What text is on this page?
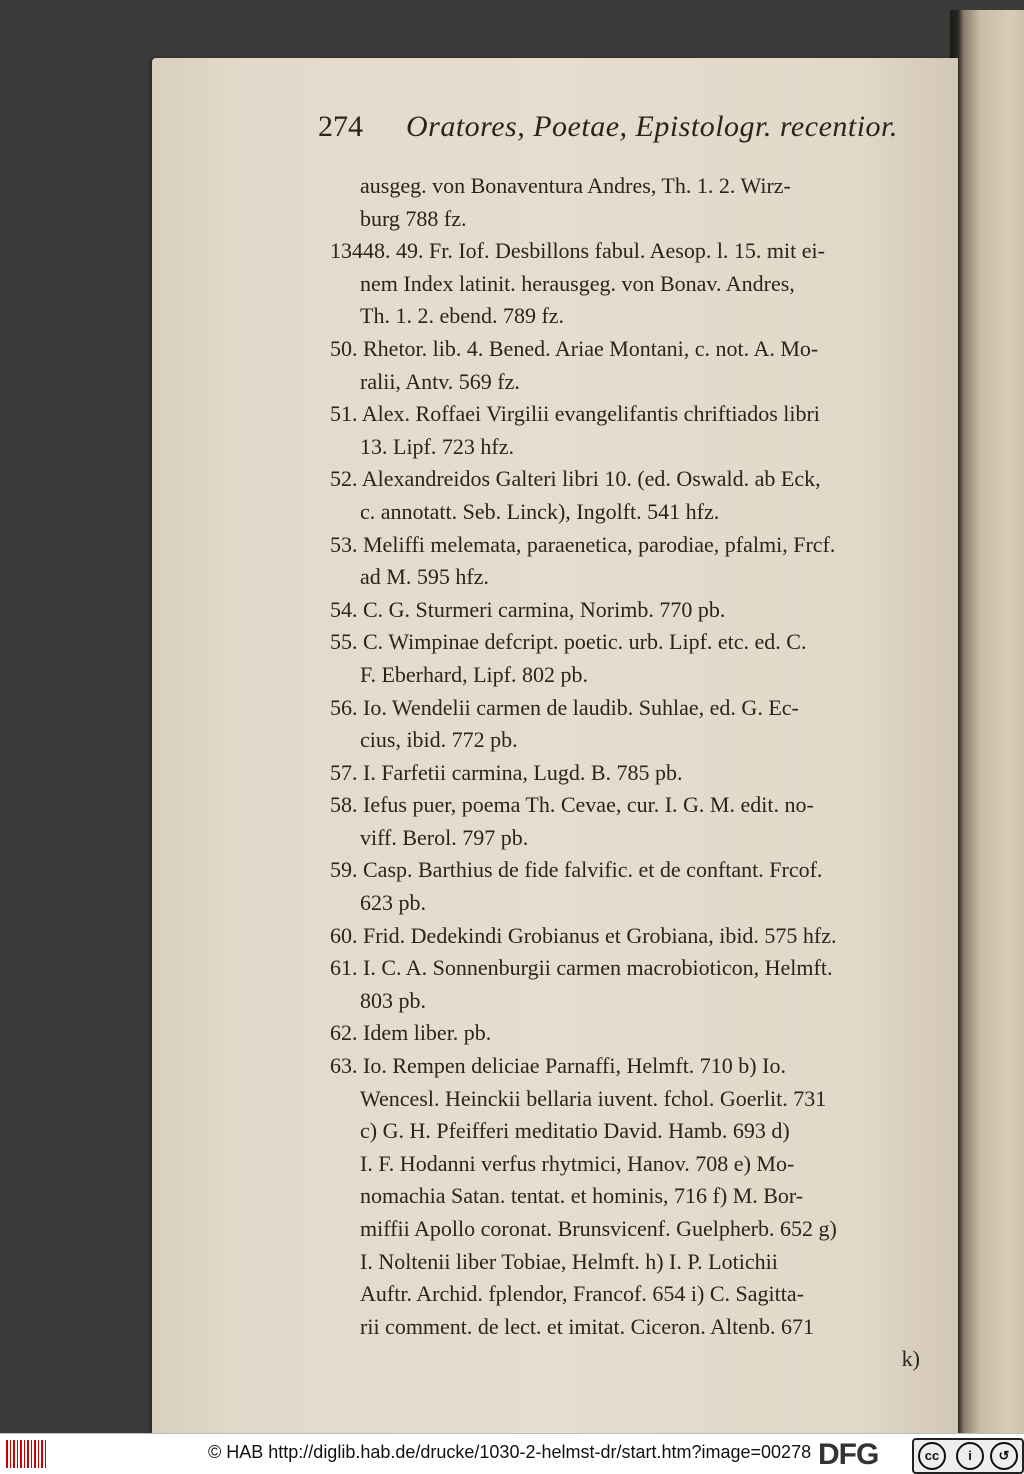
274 Oratores, Poetae, Epistologr. recentior.
ausgeg. von Bonaventura Andres, Th. 1. 2. Wirz-
burg 788 fz.
13448. 49. Fr. Iof. Desbillons fabul. Aesop. l. 15. mit ei-
nem Index latinit. herausgeg. von Bonav. Andres,
Th. 1. 2. ebend. 789 fz.
50. Rhetor. lib. 4. Bened. Ariae Montani, c. not. A. Mo-
ralii, Antv. 569 fz.
51. Alex. Roffaei Virgilii evangelifantis chriftiados libri
13. Lipf. 723 hfz.
52. Alexandreidos Galteri libri 10. (ed. Oswald. ab Eck,
c. annotatt. Seb. Linck), Ingolft. 541 hfz.
53. Meliffi melemata, paraenetica, parodiae, pfalmi, Frcf.
ad M. 595 hfz.
54. C. G. Sturmeri carmina, Norimb. 770 pb.
55. C. Wimpinae defcript. poetic. urb. Lipf. etc. ed. C.
F. Eberhard, Lipf. 802 pb.
56. Io. Wendelii carmen de laudib. Suhlae, ed. G. Ec-
cius, ibid. 772 pb.
57. I. Farfetii carmina, Lugd. B. 785 pb.
58. Iefus puer, poema Th. Cevae, cur. I. G. M. edit. no-
viff. Berol. 797 pb.
59. Casp. Barthius de fide falvific. et de conftant. Frcof.
623 pb.
60. Frid. Dedekindi Grobianus et Grobiana, ibid. 575 hfz.
61. I. C. A. Sonnenburgii carmen macrobioticon, Helmft.
803 pb.
62. Idem liber. pb.
63. Io. Rempen deliciae Parnaffi, Helmft. 710 b) Io.
Wencesl. Heinckii bellaria iuvent. fchol. Goerlit. 731
c) G. H. Pfeifferi meditatio David. Hamb. 693 d)
I. F. Hodanni verfus rhytmici, Hanov. 708 e) Mo-
nomachia Satan. tentat. et hominis, 716 f) M. Bor-
miffii Apollo coronat. Brunsvicenf. Guelpherb. 652 g)
I. Noltenii liber Tobiae, Helmft. h) I. P. Lotichii
Auftr. Archid. fplendor, Francof. 654 i) C. Sagitta-
rii comment. de lect. et imitat. Ciceron. Altenb. 671
k)
© HAB http://diglib.hab.de/drucke/1030-2-helmst-dr/start.htm?image=00278 DFG	cc	i	↺
